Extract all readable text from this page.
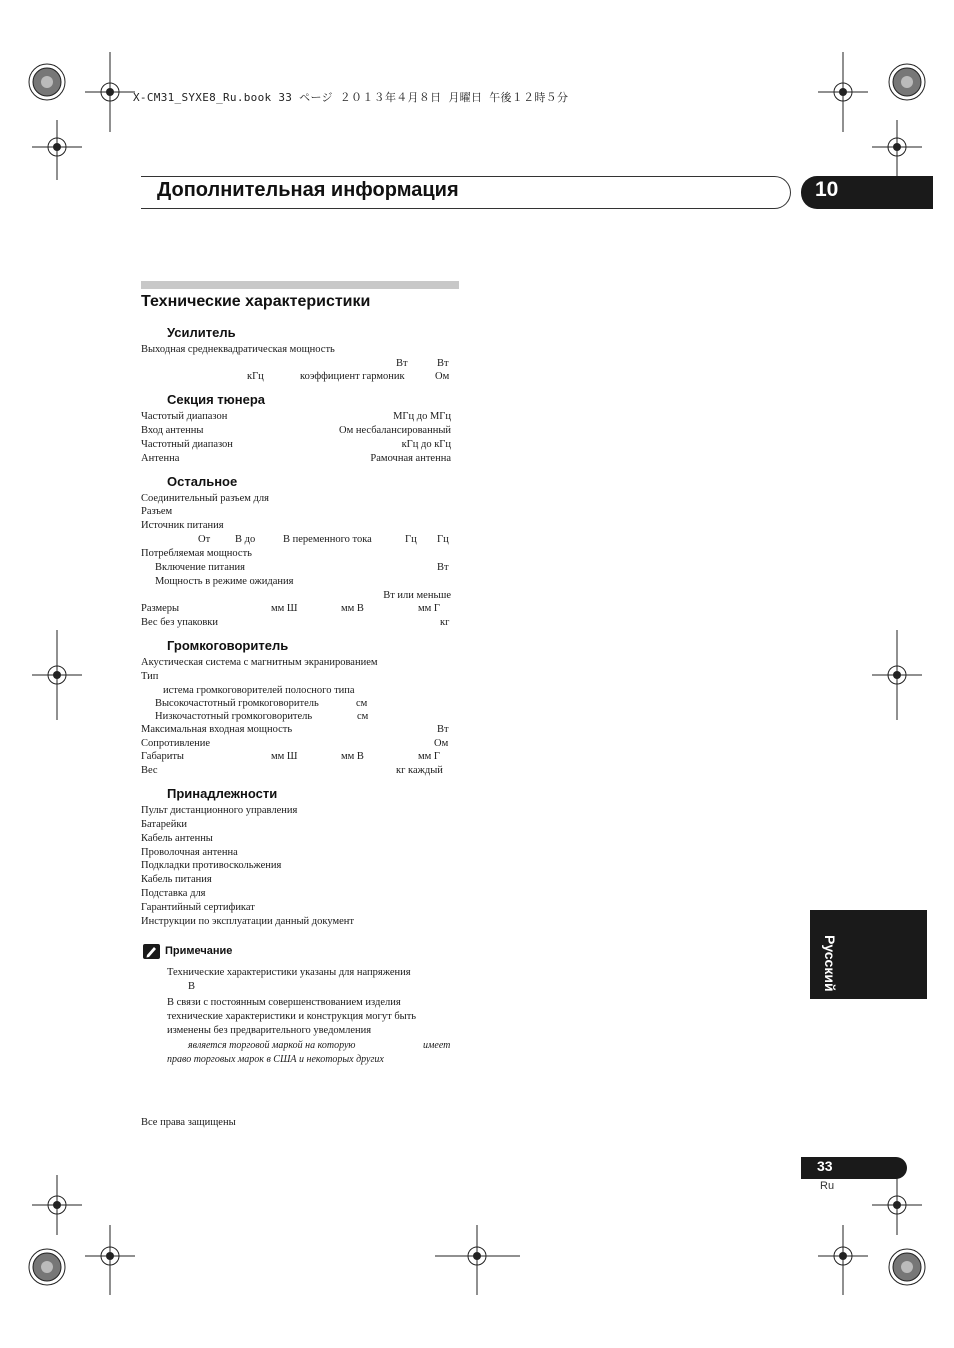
X-CM31_SYXE8_Ru.book 33 ページ ２０１３年４月８日 月曜日 午後１２時５分
Дополнительная информация	10
Технические характеристики
Усилитель
Выходная среднеквадратическая мощность
Вт	Вт
кГц	коэффициент гармоник	Ом
Секция тюнера
Частотый диапазон	МГц до МГц
Вход антенны	Ом несбалансированный
Частотный диапазон	кГц до кГц
Антенна	Рамочная антенна
Остальное
Соединительный разъем для
Разъем
Источник питания
От В до	В переменного тока	Гц Гц
Потребляемая мощность
Включение питания	Вт
Мощность в режиме ожидания
Вт или меньше
Размеры	мм Ш	мм В	мм Г
Вес без упаковки	кг
Громкоговоритель
Акустическая система с магнитным экранированием
Тип
истема громкоговорителей полосного типа
Высокочастотный громкоговоритель	см
Низкочастотный громкоговоритель	см
Максимальная входная мощность	Вт
Сопротивление	Ом
Габариты	мм Ш	мм В	мм Г
Вес	кг каждый
Принадлежности
Пульт дистанционного управления
Батарейки
Кабель антенны
Проволочная антенна
Подкладки противоскольжения
Кабель питания
Подставка для
Гарантийный сертификат
Инструкции по эксплуатации данный документ
Примечание
Технические характеристики указаны для напряжения
В
В связи с постоянным совершенствованием изделия
технические характеристики и конструкция могут быть
изменены без предварительного уведомления
является торговой маркой на которую	имеет
право торговых марок в США и некоторых других
Все права защищены
Русский
33
Ru
